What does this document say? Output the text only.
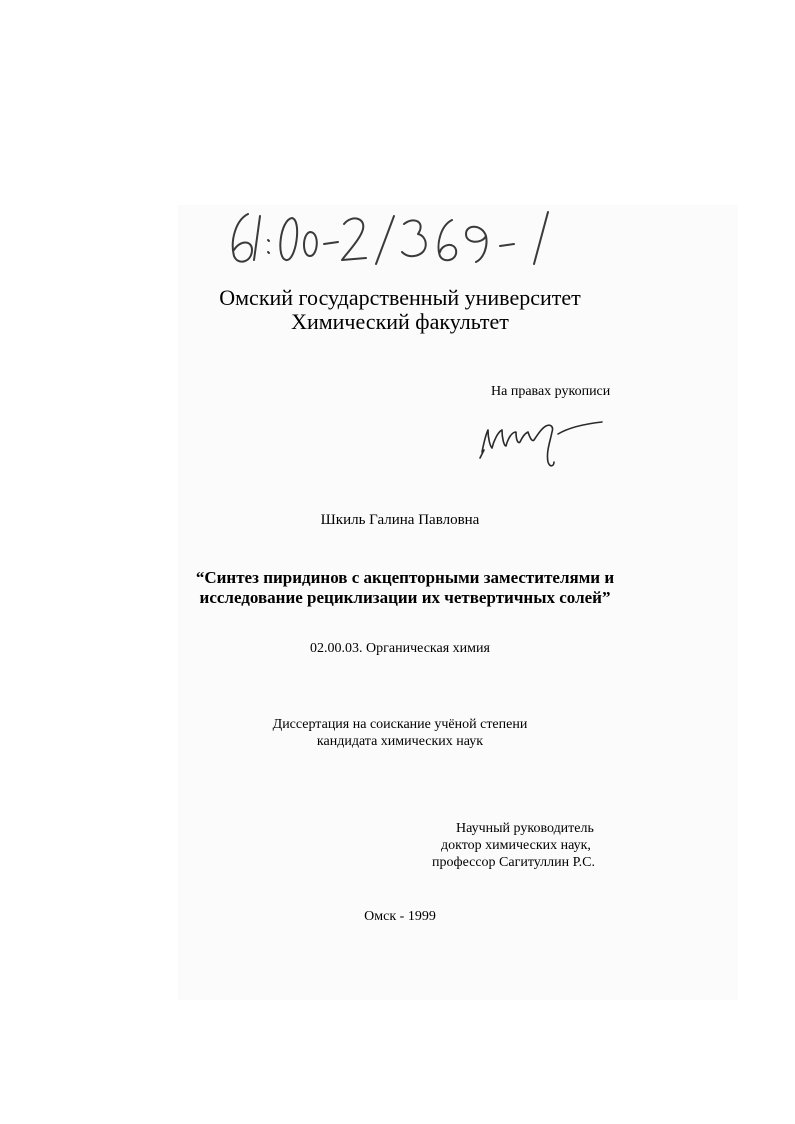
Омский государственный университет
Химический факультет
На правах рукописи
Шкиль Галина Павловна
“Синтез пиридинов с акцепторными заместителями и
исследование рециклизации их четвертичных солей”
02.00.03. Органическая химия
Диссертация на соискание учёной степени
кандидата химических наук
Научный руководитель
доктор химических наук,
профессор Сагитуллин Р.С.
Омск - 1999
